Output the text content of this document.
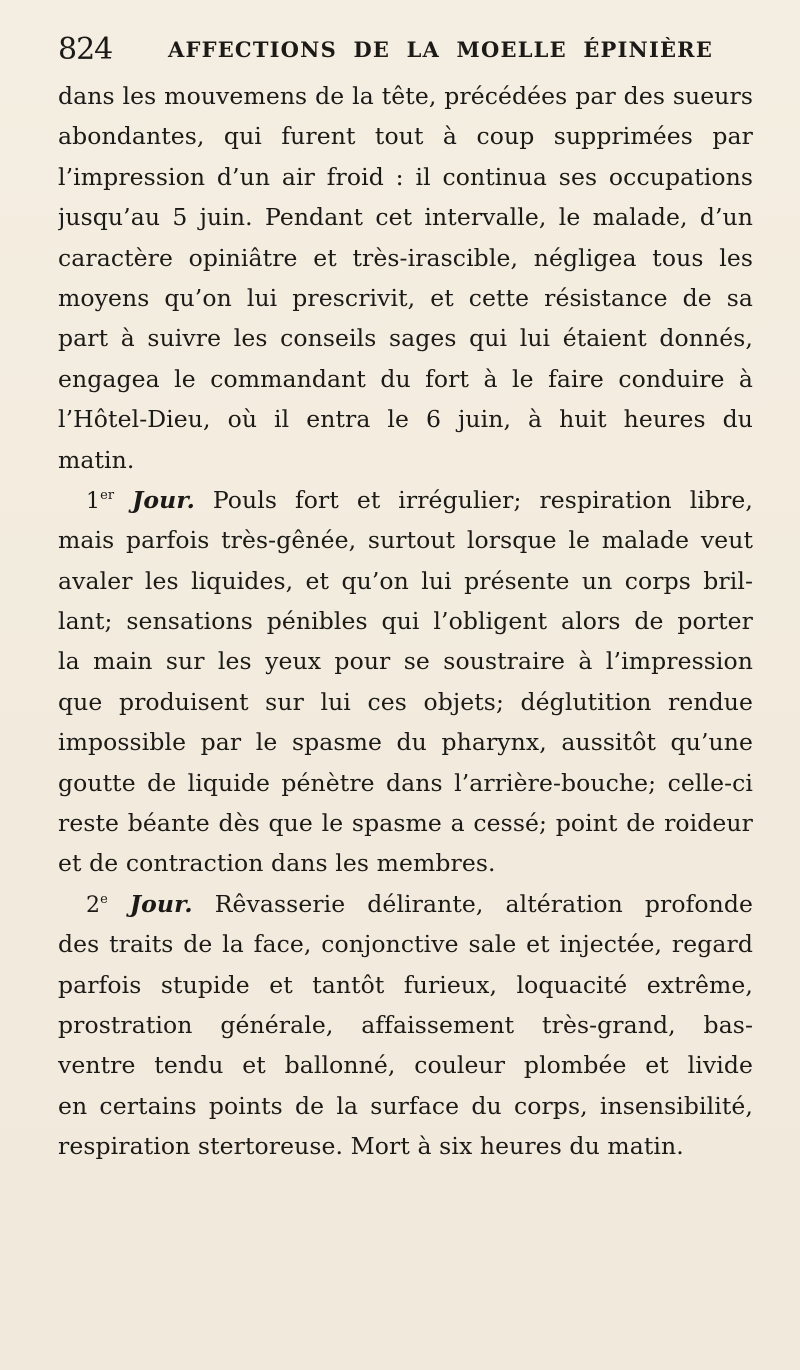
824	AFFECTIONS DE LA MOELLE ÉPINIÈRE
dans les mouvemens de la tête, précédées par des sueurs
abondantes, qui furent tout à coup supprimées par
l’impression d’un air froid : il continua ses occupations
jusqu’au 5 juin. Pendant cet intervalle, le malade, d’un
caractère opiniâtre et très-irascible, négligea tous les
moyens qu’on lui prescrivit, et cette résistance de sa
part à suivre les conseils sages qui lui étaient donnés,
engagea le commandant du fort à le faire conduire à
l’Hôtel-Dieu, où il entra le 6 juin, à huit heures du
matin.
1er Jour. Pouls fort et irrégulier; respiration libre,
mais parfois très-gênée, surtout lorsque le malade veut
avaler les liquides, et qu’on lui présente un corps bril-
lant; sensations pénibles qui l’obligent alors de porter
la main sur les yeux pour se soustraire à l’impression
que produisent sur lui ces objets; déglutition rendue
impossible par le spasme du pharynx, aussitôt qu’une
goutte de liquide pénètre dans l’arrière-bouche; celle-ci
reste béante dès que le spasme a cessé; point de roideur
et de contraction dans les membres.
2e Jour. Rêvasserie délirante, altération profonde
des traits de la face, conjonctive sale et injectée, regard
parfois stupide et tantôt furieux, loquacité extrême,
prostration générale, affaissement très-grand, bas-
ventre tendu et ballonné, couleur plombée et livide
en certains points de la surface du corps, insensibilité,
respiration stertoreuse. Mort à six heures du matin.
